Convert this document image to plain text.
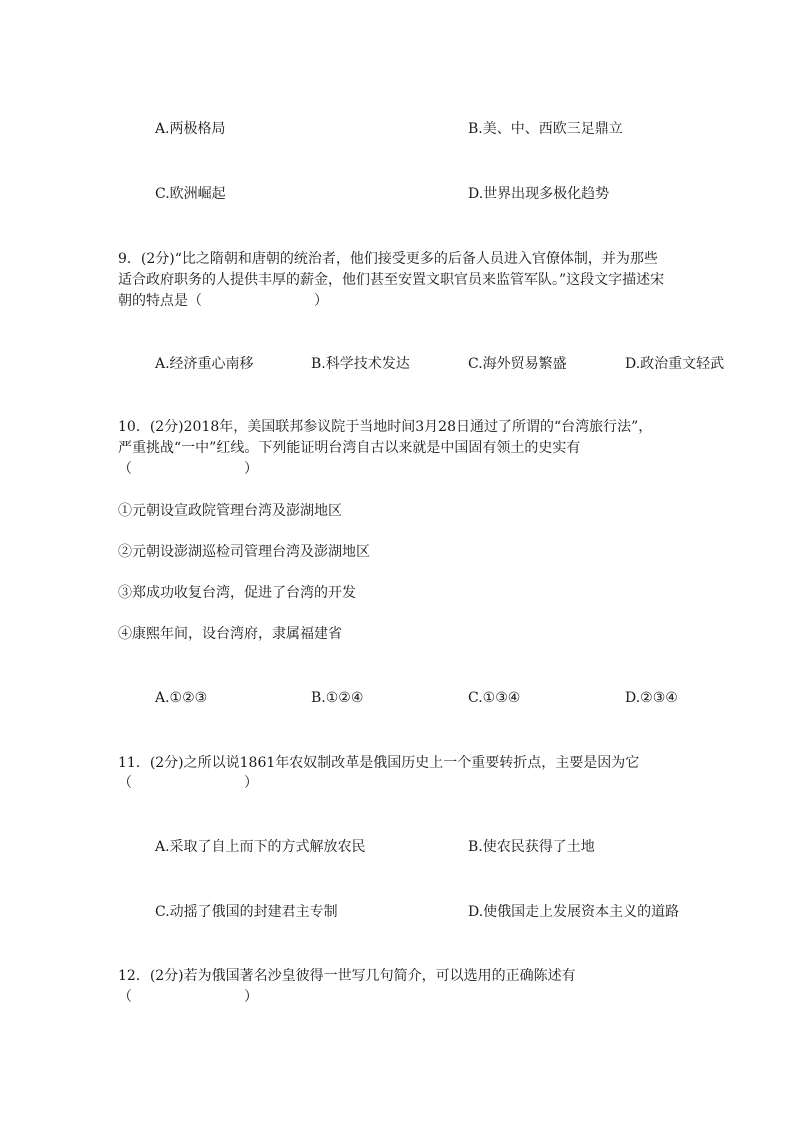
A.两极格局	B.美、中、西欧三足鼎立
C.欧洲崛起	D.世界出现多极化趋势
9．(2分)“比之隋朝和唐朝的统治者，他们接受更多的后备人员进入官僚体制，并为那些
适合政府职务的人提供丰厚的薪金，他们甚至安置文职官员来监管军队。”这段文字描述宋
朝的特点是（　　　　　　　　）
A.经济重心南移	B.科学技术发达	C.海外贸易繁盛	D.政治重文轻武
10．(2分)2018年，美国联邦参议院于当地时间3月28日通过了所谓的“台湾旅行法”，
严重挑战“一中”红线。下列能证明台湾自古以来就是中国固有领土的史实有
（　　　　　　　　）
①元朝设宣政院管理台湾及澎湖地区
②元朝设澎湖巡检司管理台湾及澎湖地区
③郑成功收复台湾，促进了台湾的开发
④康熙年间，设台湾府，隶属福建省
A.①②③	B.①②④	C.①③④	D.②③④
11．(2分)之所以说1861年农奴制改革是俄国历史上一个重要转折点，主要是因为它
（　　　　　　　　）
A.采取了自上而下的方式解放农民	B.使农民获得了土地
C.动摇了俄国的封建君主专制	D.使俄国走上发展资本主义的道路
12．(2分)若为俄国著名沙皇彼得一世写几句简介，可以选用的正确陈述有
（　　　　　　　　）
